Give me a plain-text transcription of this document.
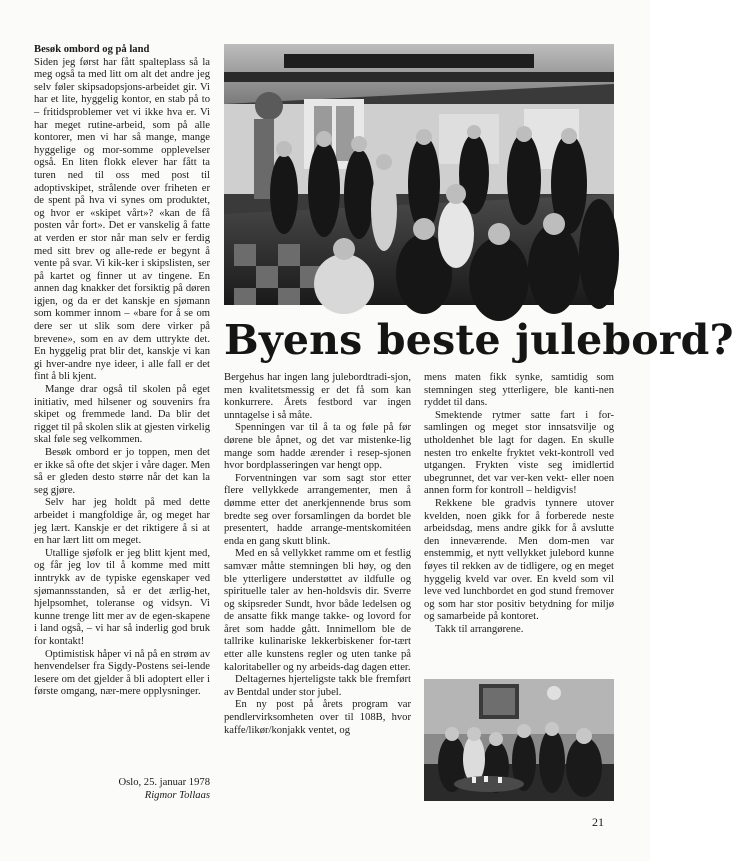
Besøk ombord og på land

Siden jeg først har fått spalteplass så la meg også ta med litt om alt det andre jeg selv føler skipsadopsjons-arbeidet gir. Vi har et lite, hyggelig kontor, en stab på to – fritidsproblemer vet vi ikke hva er. Vi har meget rutine-arbeid, som på alle kontorer, men vi har så mange, mange hyggelige og mor-somme opplevelser også. En liten flokk elever har fått ta turen ned til oss med post til adoptivskipet, strålende over friheten er de spent på hva vi synes om produktet, og hvor er «skipet vårt»? «kan de få posten vår fort». Det er vanskelig å fatte at verden er stor når man selv er ferdig med sitt brev og alle-rede er begynt å vente på svar. Vi kik-ker i skipslisten, ser på kartet og finner ut av tingene. En annen dag knakker det forsiktig på døren igjen, og da er det kanskje en sjømann som kommer innom – «bare for å se om dere ser ut slik som dere virker på brevene», som en av dem uttrykte det. En hyggelig prat blir det, kanskje vi kan gi hver-andre nye ideer, i alle fall er det fint å bli kjent.

Mange drar også til skolen på eget initiativ, med hilsener og souvenirs fra skipet og fremmede land. Da blir det rigget til på skolen slik at gjesten virkelig skal føle seg velkommen.

Besøk ombord er jo toppen, men det er ikke så ofte det skjer i våre dager. Men så er gleden desto større når det kan la seg gjøre.

Selv har jeg holdt på med dette arbeidet i mangfoldige år, og meget har jeg lært. Kanskje er det riktigere å si at en har lært litt om meget.

Utallige sjøfolk er jeg blitt kjent med, og får jeg lov til å komme med mitt inntrykk av de typiske egenskaper ved sjømannsstanden, så er det ærlig-het, hjelpsomhet, toleranse og vidsyn. Vi kunne trenge litt mer av de egen-skapene i land også, – vi har så inderlig god bruk for kontakt!

Optimistisk håper vi nå på en strøm av henvendelser fra Sigdy-Postens sei-lende lesere om det gjelder å bli adoptert eller i første omgang, nær-mere opplysninger.

Oslo, 25. januar 1978
Rigmor Tollaas
Byens beste julebord?

Bergehus har ingen lang julebordtradi-sjon, men kvalitetsmessig er det få som kan konkurrere. Årets festbord var ingen unntagelse i så måte.

Spenningen var til å ta og føle på før dørene ble åpnet, og det var mistenke-lig mange som hadde ærender i resep-sjonen hvor bordplasseringen var hengt opp.

Forventningen var som sagt stor etter flere vellykkede arrangementer, men å dømme etter det anerkjennende brus som bredte seg over forsamlingen da bordet ble presentert, hadde arrange-mentskomitéen enda en gang skutt blink.

Med en så vellykket ramme om et festlig samvær måtte stemningen bli høy, og den ble ytterligere understøttet av ildfulle og spirituelle taler av hen-holdsvis dir. Sverre og skipsreder Sundt, hvor både ledelsen og de ansatte fikk mange takke- og lovord for året som hadde gått. Innimellom ble de tallrike kulinariske lekkerbiskener for-tært etter alle kunstens regler og uten tanke på kaloritabeller og ny arbeids-dag dagen etter.

Deltagernes hjerteligste takk ble fremført av Bentdal under stor jubel.

En ny post på årets program var pendlervirksomheten over til 108B, hvor kaffe/likør/konjakk ventet, og

mens maten fikk synke, samtidig som stemningen steg ytterligere, ble kanti-nen ryddet til dans.

Smektende rytmer satte fart i for-samlingen og meget stor innsatsvilje og utholdenhet ble lagt for dagen. En skulle nesten tro enkelte fryktet vekt-kontroll ved utgangen. Frykten viste seg imidlertid ubegrunnet, det var ver-ken vekt- eller noen annen form for kontroll – heldigvis!

Rekkene ble gradvis tynnere utover kvelden, noen gikk for å forberede neste arbeidsdag, mens andre gikk for å avslutte den inneværende. Men dom-men var enstemmig, et nytt vellykket julebord kunne føyes til rekken av de tidligere, og en meget hyggelig kveld var over. En kveld som vil leve ved lunchbordet en god stund fremover og som har stor positiv betydning for miljø og samarbeide på kontoret.

Takk til arrangørene.

21
